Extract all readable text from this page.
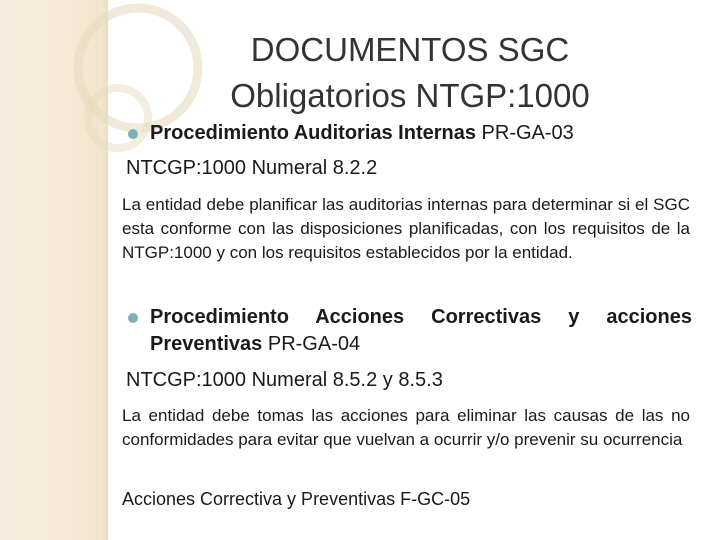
DOCUMENTOS SGC
Obligatorios NTGP:1000
Procedimiento Auditorias Internas PR-GA-03
NTCGP:1000 Numeral 8.2.2
La entidad debe planificar las auditorias internas para determinar si el SGC esta conforme con las disposiciones planificadas, con los requisitos de la NTGP:1000 y con los requisitos establecidos por la entidad.
Procedimiento Acciones Correctivas y acciones Preventivas PR-GA-04
NTCGP:1000 Numeral 8.5.2 y 8.5.3
La entidad debe tomas las acciones para eliminar las causas de las no conformidades para evitar que vuelvan a ocurrir y/o prevenir su ocurrencia
Acciones Correctiva y Preventivas F-GC-05
